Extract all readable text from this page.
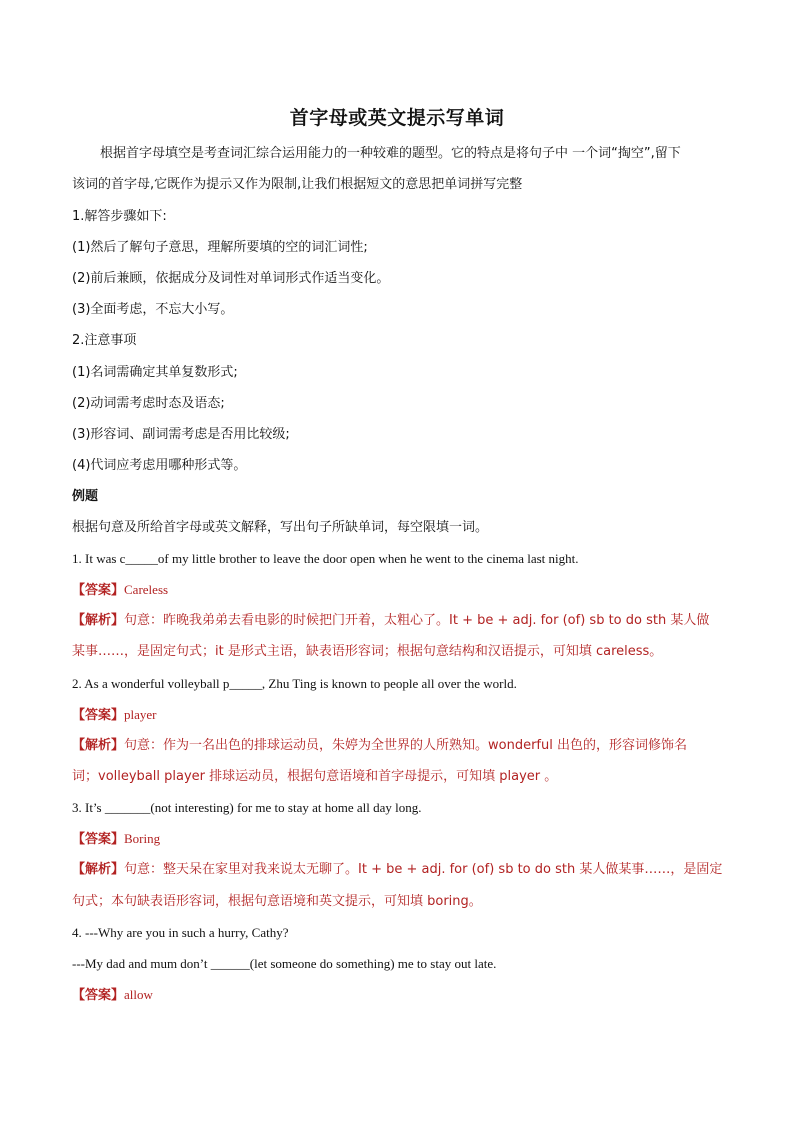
首字母或英文提示写单词
根据首字母填空是考查词汇综合运用能力的一种较难的题型。它的特点是将句子中 一个词“掏空”,留下
该词的首字母,它既作为提示又作为限制,让我们根据短文的意思把单词拼写完整
1.解答步骤如下:
(1)然后了解句子意思，理解所要填的空的词汇词性;
(2)前后兼顾，依据成分及词性对单词形式作适当变化。
(3)全面考虑，不忘大小写。
2.注意事项
(1)名词需确定其单复数形式;
(2)动词需考虑时态及语态;
(3)形容词、副词需考虑是否用比较级;
(4)代词应考虑用哪种形式等。
例题
根据句意及所给首字母或英文解释，写出句子所缺单词，每空限填一词。
1. It was c_____of my little brother to leave the door open when he went to the cinema last night.
【答案】Careless
【解析】句意：昨晚我弟弟去看电影的时候把门开着，太粗心了。It + be + adj. for (of) sb to do sth 某人做
某事……，是固定句式；it 是形式主语，缺表语形容词；根据句意结构和汉语提示，可知填 careless。
2. As a wonderful volleyball p_____, Zhu Ting is known to people all over the world.
【答案】player
【解析】句意：作为一名出色的排球运动员，朱婷为全世界的人所熟知。wonderful 出色的，形容词修饰名
词；volleyball player 排球运动员，根据句意语境和首字母提示，可知填 player 。
3. It’s _______(not interesting) for me to stay at home all day long.
【答案】Boring
【解析】句意：整天呆在家里对我来说太无聊了。It + be + adj. for (of) sb to do sth 某人做某事……，是固定
句式；本句缺表语形容词，根据句意语境和英文提示，可知填 boring。
4. ---Why are you in such a hurry, Cathy?
---My dad and mum don’t ______(let someone do something) me to stay out late.
【答案】allow
